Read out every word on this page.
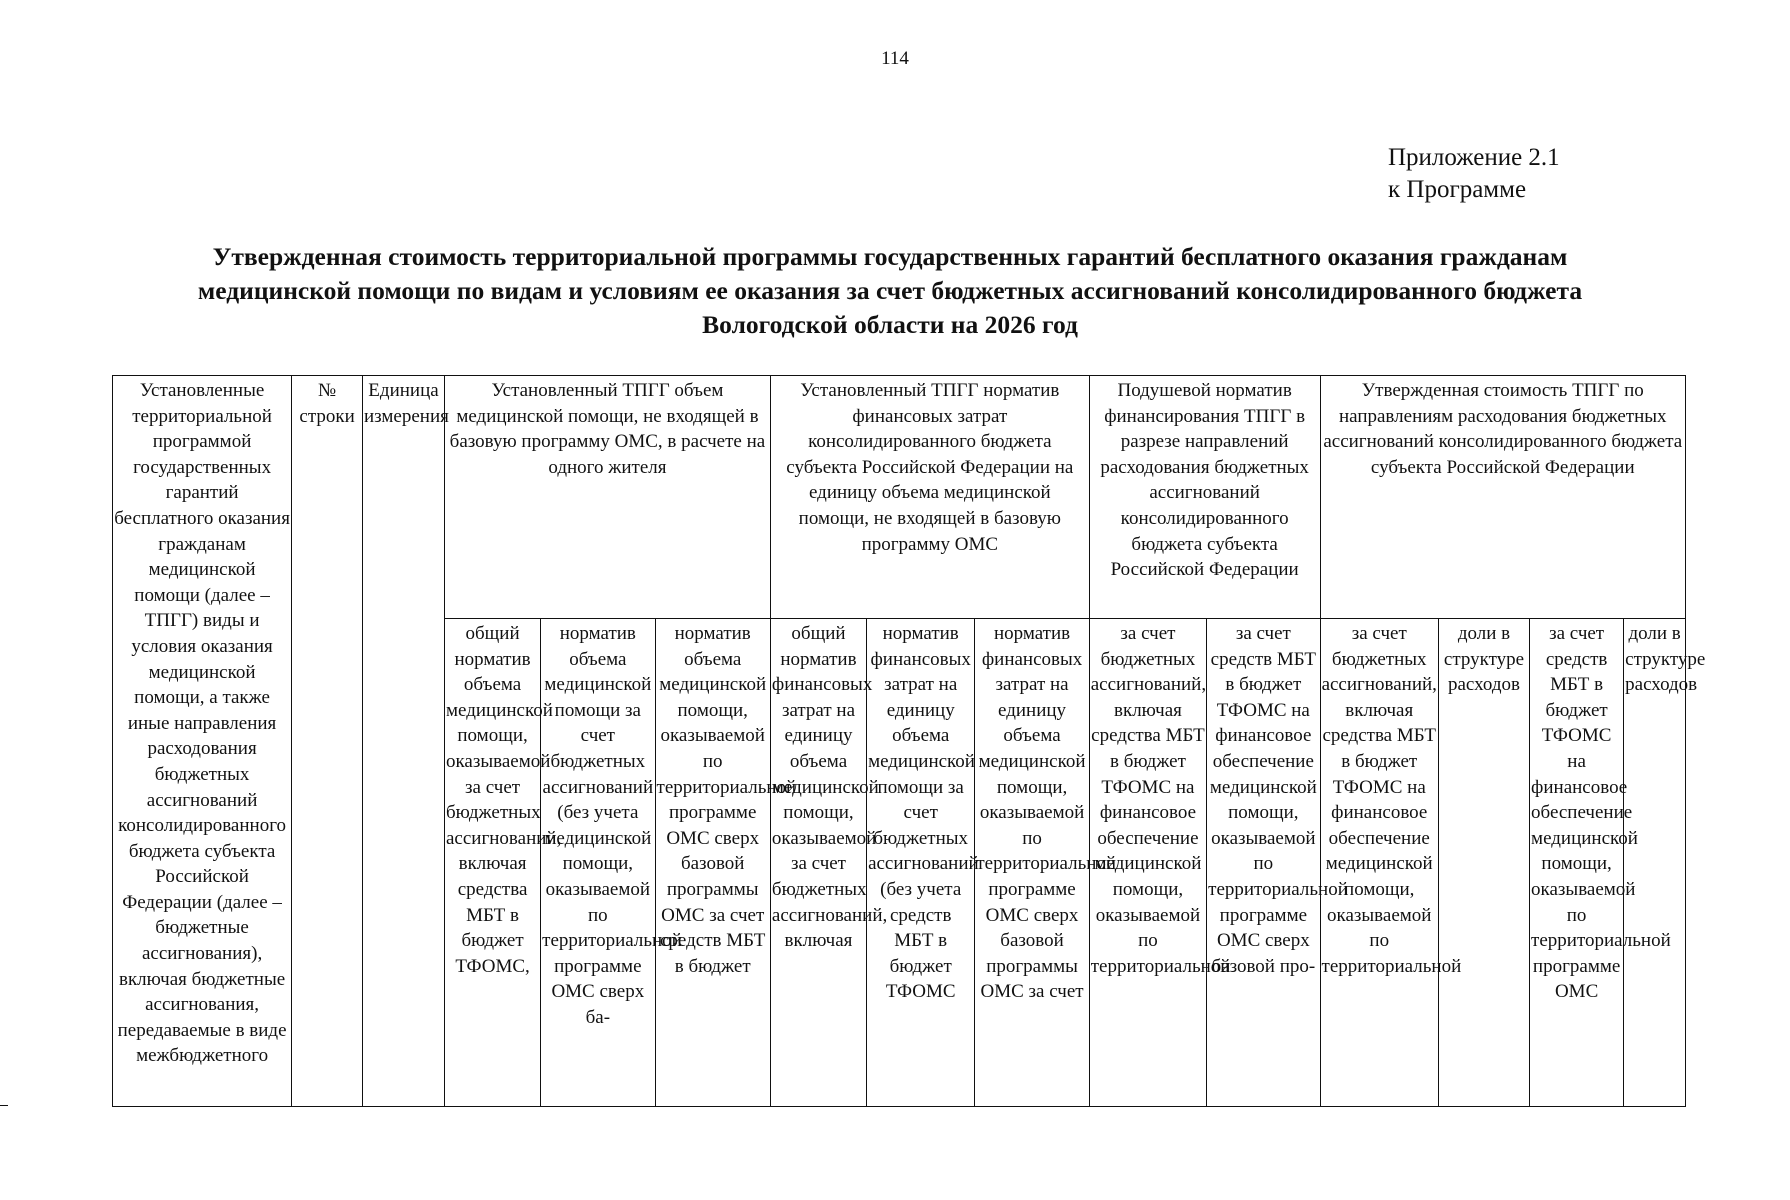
114
Приложение 2.1
к Программе
Утвержденная стоимость территориальной программы государственных гарантий бесплатного оказания гражданам
медицинской помощи по видам и условиям ее оказания за счет бюджетных ассигнований консолидированного бюджета
Вологодской области на 2026 год
Установленные территориальной программой государственных гарантий бесплатного оказания гражданам медицинской помощи (далее – ТПГГ) виды и условия оказания медицинской помощи, а также иные направления расходования бюджетных ассигнований консолидированного бюджета субъекта Российской Федерации (далее – бюджетные ассигнования), включая бюджетные ассигнования, передаваемые в виде межбюджетного	№ строки	Единица измерения	Установленный ТПГГ объем медицинской помощи, не входящей в базовую программу ОМС, в расчете на одного жителя			Установленный ТПГГ норматив финансовых затрат консолидированного бюджета субъекта Российской Федерации на единицу объема медицинской помощи, не входящей в базовую программу ОМС			Подушевой норматив финансирования ТПГГ в разрезе направлений расходования бюджетных ассигнований консолидированного бюджета субъекта Российской Федерации		Утвержденная стоимость ТПГГ по направлениям расходования бюджетных ассигнований консолидированного бюджета субъекта Российской Федерации			
			общий норматив объема медицинской помощи, оказываемой за счет бюджетных ассигнований, включая средства МБТ в бюджет ТФОМС,	норматив объема медицинской помощи за счет бюджетных ассигнований (без учета медицинской помощи, оказываемой по территориальной программе ОМС сверх ба-	норматив объема медицинской помощи, оказываемой по территориальной программе ОМС сверх базовой программы ОМС за счет средств МБТ в бюджет	общий норматив финансовых затрат на единицу объема медицинской помощи, оказываемой за счет бюджетных ассигнований, включая	норматив финансовых затрат на единицу объема медицинской помощи за счет бюджетных ассигнований (без учета средств МБТ в бюджет ТФОМС	норматив финансовых затрат на единицу объема медицинской помощи, оказываемой по территориальной программе ОМС сверх базовой программы ОМС за счет	за счет бюджетных ассигнований, включая средства МБТ в бюджет ТФОМС на финансовое обеспечение медицинской помощи, оказываемой по территориальной	за счет средств МБТ в бюджет ТФОМС на финансовое обеспечение медицинской помощи, оказываемой по территориальной программе ОМС сверх базовой про-	за счет бюджетных ассигнований, включая средства МБТ в бюджет ТФОМС на финансовое обеспечение медицинской помощи, оказываемой по территориальной	доли в структуре расходов	за счет средств МБТ в бюджет ТФОМС на финансовое обеспечение медицинской помощи, оказываемой по территориальной программе ОМС	доли в структуре расходов
